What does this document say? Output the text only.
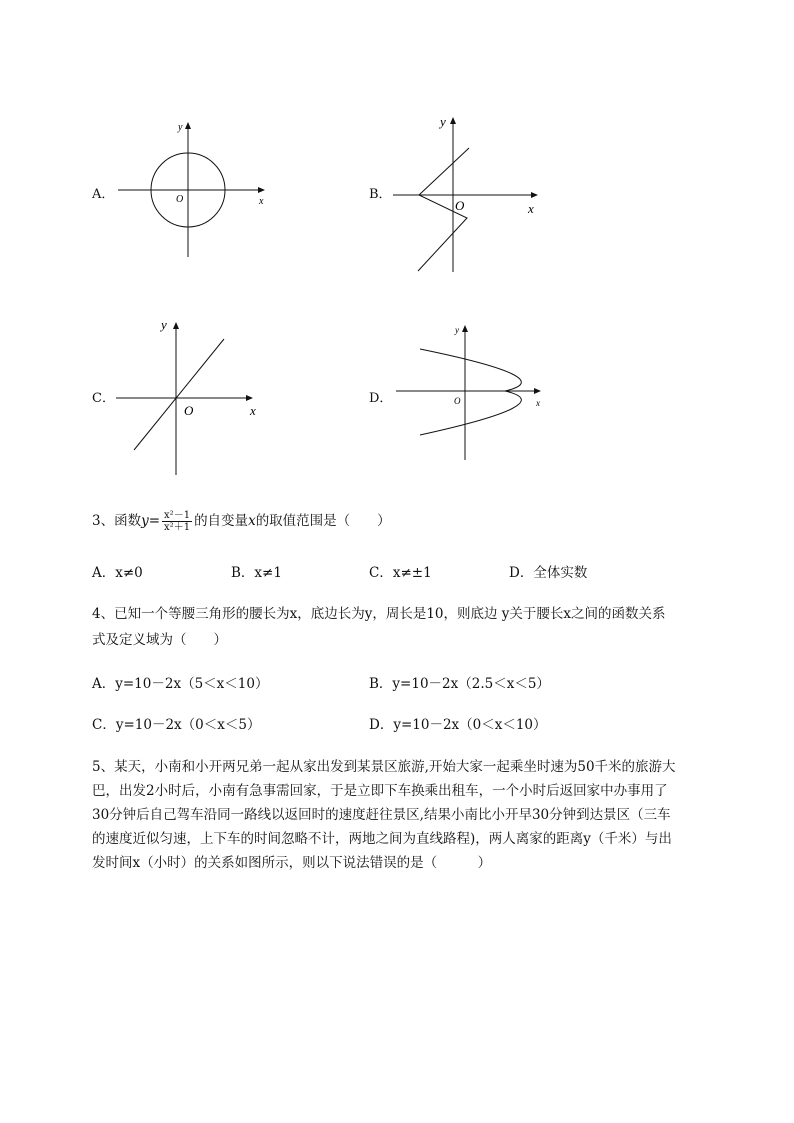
A．	x
y
O	B．
x
y
O
C．
x
y
O
D．	x
y
O
3、函数$y= \frac{\text{x²－1}}{\text{x²＋1}}$ 的自变量x的取值范围是（　　）
A．x≠0	B．x≠1	C．x≠±1	D．全体实数
4、已知一个等腰三角形的腰长为x，底边长为y，周长是10，则底边 y关于腰长x之间的函数关系
式及定义域为（　　）
A．y=10－2x（5＜x＜10）	B．y=10－2x（2.5＜x＜5）
C．y=10－2x（0＜x＜5）	D．y=10－2x（0＜x＜10）
5、某天，小南和小开两兄弟一起从家出发到某景区旅游,开始大家一起乘坐时速为50千米的旅游大
巴，出发2小时后，小南有急事需回家，于是立即下车换乘出租车，一个小时后返回家中办事用了
30分钟后自己驾车沿同一路线以返回时的速度赶往景区,结果小南比小开早30分钟到达景区（三车
的速度近似匀速，上下车的时间忽略不计，两地之间为直线路程)，两人离家的距离y（千米）与出
发时间x（小时）的关系如图所示，则以下说法错误的是（　　　）
